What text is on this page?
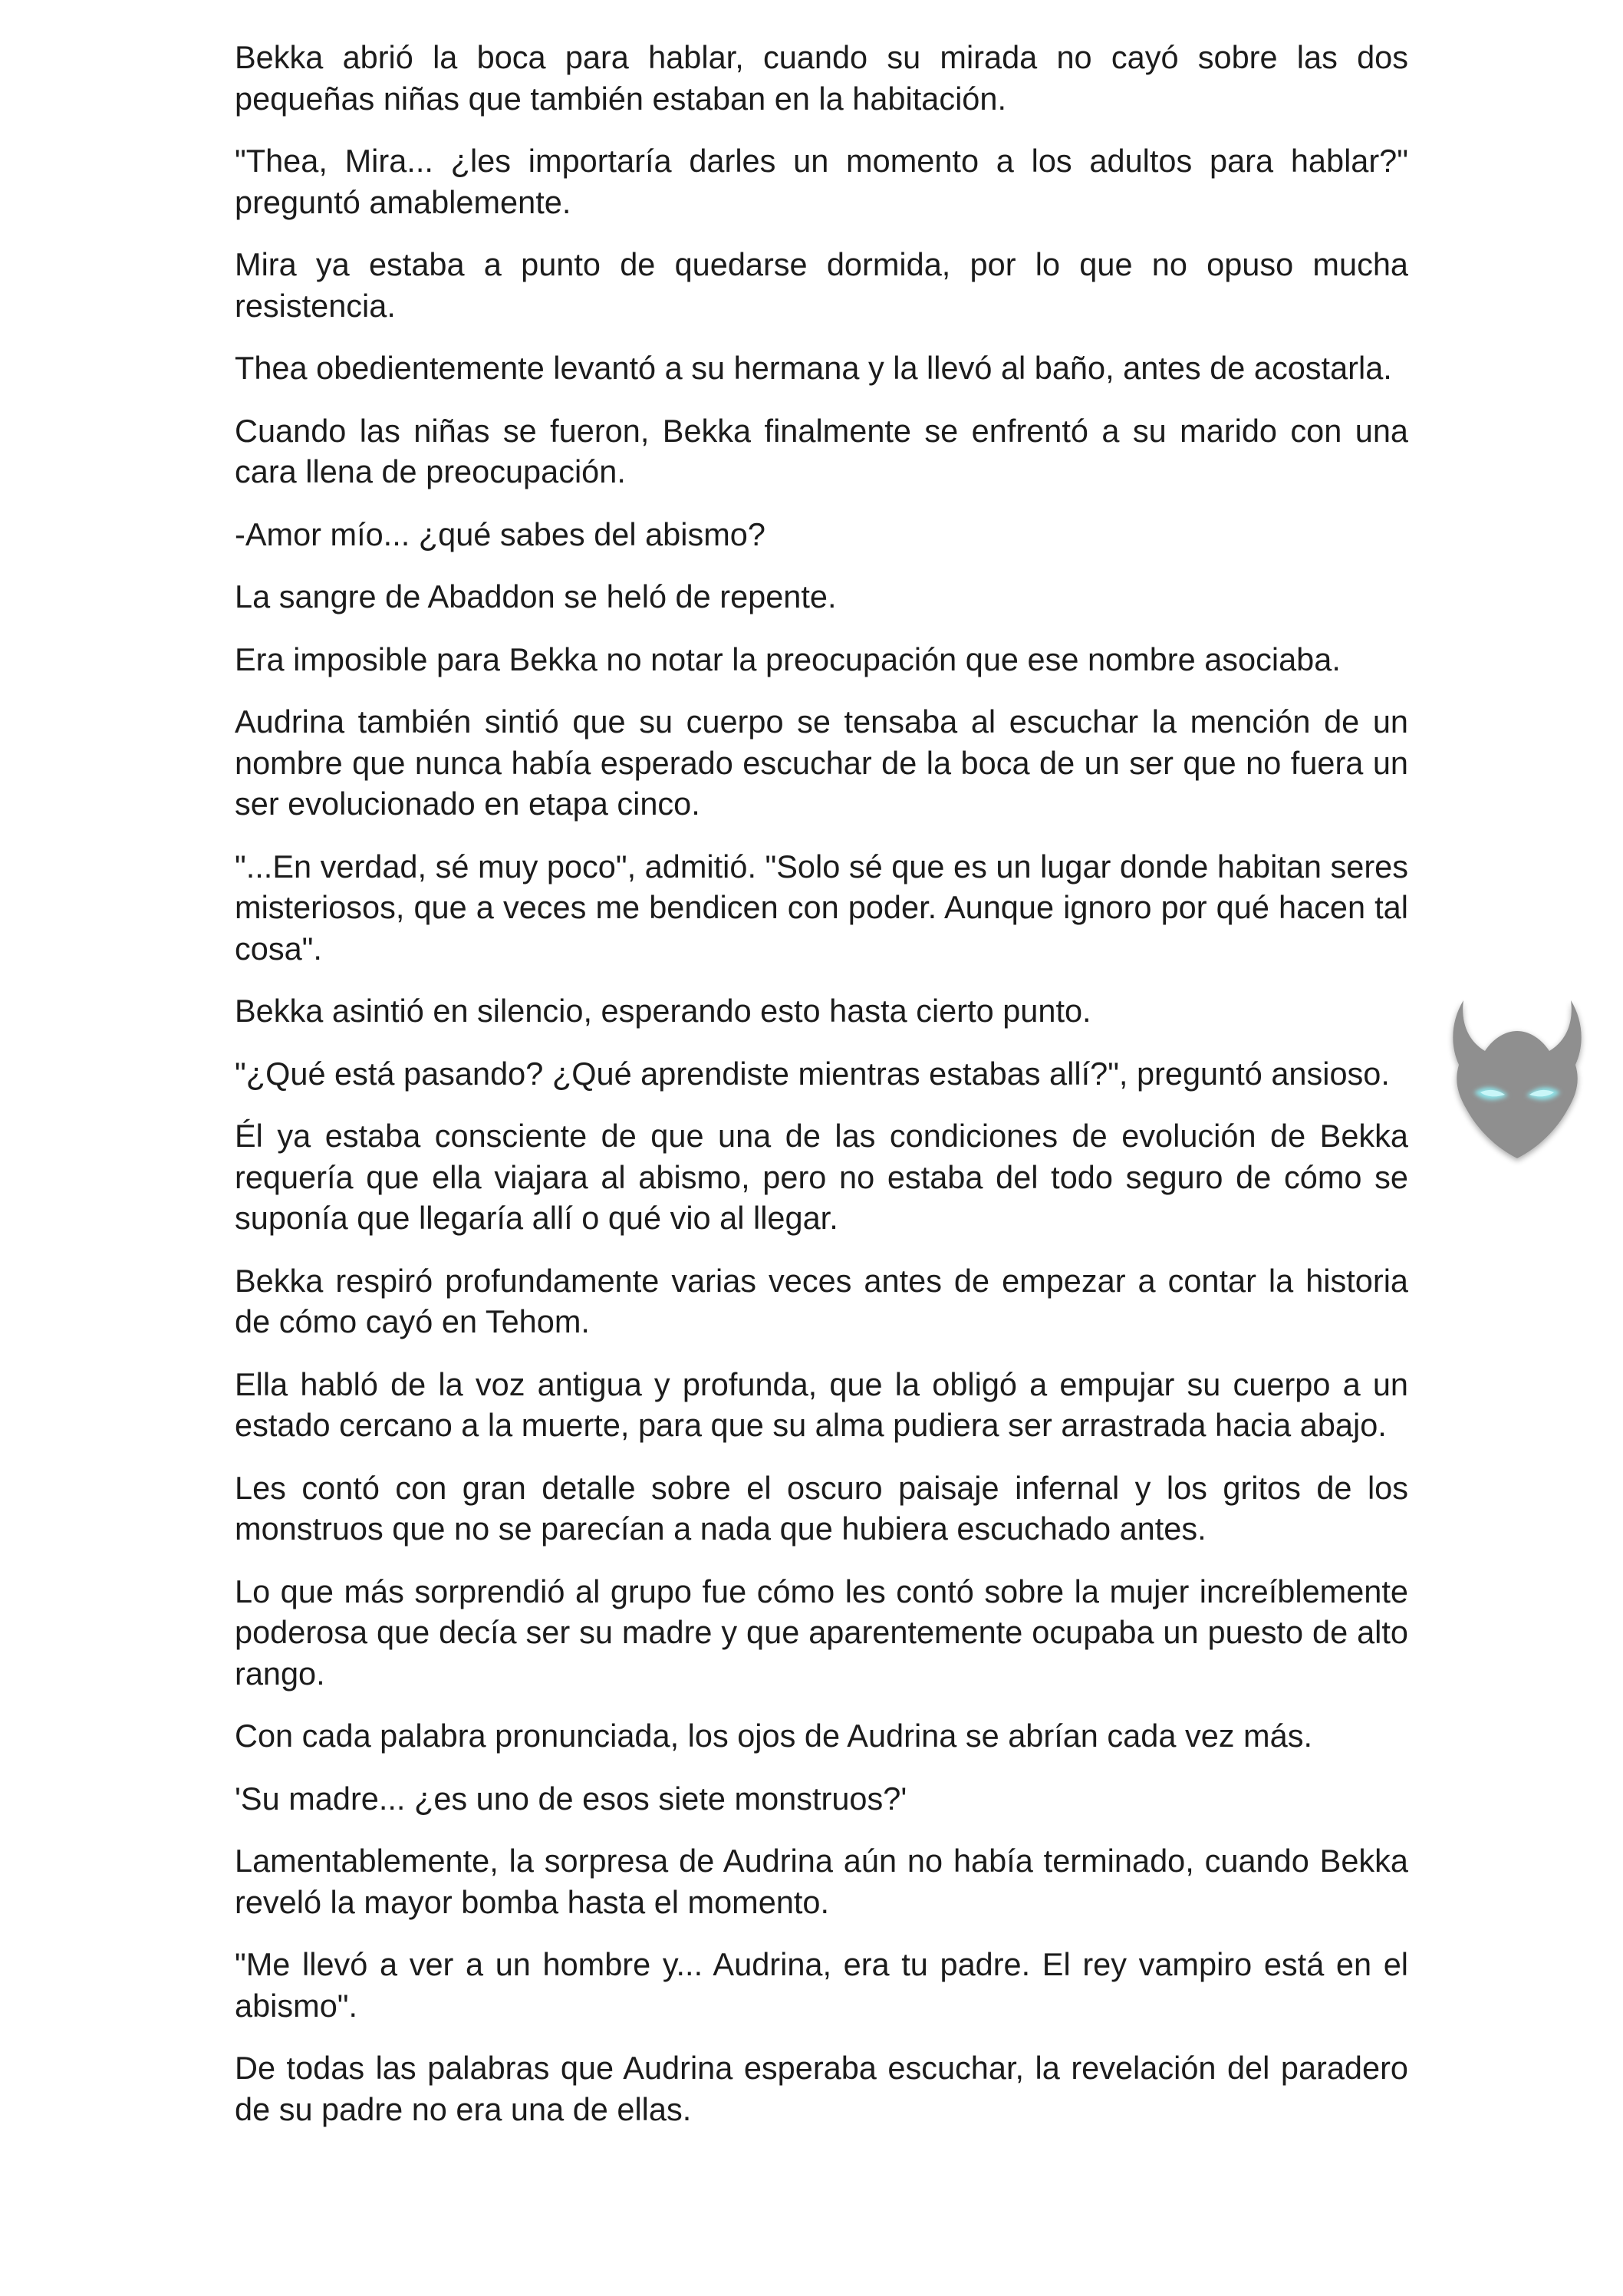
Bekka abrió la boca para hablar, cuando su mirada no cayó sobre las dos pequeñas niñas que también estaban en la habitación.

"Thea, Mira... ¿les importaría darles un momento a los adultos para hablar?" preguntó amablemente.

Mira ya estaba a punto de quedarse dormida, por lo que no opuso mucha resistencia.

Thea obedientemente levantó a su hermana y la llevó al baño, antes de acostarla.

Cuando las niñas se fueron, Bekka finalmente se enfrentó a su marido con una cara llena de preocupación.

-Amor mío... ¿qué sabes del abismo?

La sangre de Abaddon se heló de repente.

Era imposible para Bekka no notar la preocupación que ese nombre asociaba.

Audrina también sintió que su cuerpo se tensaba al escuchar la mención de un nombre que nunca había esperado escuchar de la boca de un ser que no fuera un ser evolucionado en etapa cinco.

"...En verdad, sé muy poco", admitió. "Solo sé que es un lugar donde habitan seres misteriosos, que a veces me bendicen con poder. Aunque ignoro por qué hacen tal cosa".

Bekka asintió en silencio, esperando esto hasta cierto punto.

"¿Qué está pasando? ¿Qué aprendiste mientras estabas allí?", preguntó ansioso.

Él ya estaba consciente de que una de las condiciones de evolución de Bekka requería que ella viajara al abismo, pero no estaba del todo seguro de cómo se suponía que llegaría allí o qué vio al llegar.

Bekka respiró profundamente varias veces antes de empezar a contar la historia de cómo cayó en Tehom.

Ella habló de la voz antigua y profunda, que la obligó a empujar su cuerpo a un estado cercano a la muerte, para que su alma pudiera ser arrastrada hacia abajo.

Les contó con gran detalle sobre el oscuro paisaje infernal y los gritos de los monstruos que no se parecían a nada que hubiera escuchado antes.

Lo que más sorprendió al grupo fue cómo les contó sobre la mujer increíblemente poderosa que decía ser su madre y que aparentemente ocupaba un puesto de alto rango.

Con cada palabra pronunciada, los ojos de Audrina se abrían cada vez más.

'Su madre... ¿es uno de esos siete monstruos?'

Lamentablemente, la sorpresa de Audrina aún no había terminado, cuando Bekka reveló la mayor bomba hasta el momento.

"Me llevó a ver a un hombre y... Audrina, era tu padre. El rey vampiro está en el abismo".

De todas las palabras que Audrina esperaba escuchar, la revelación del paradero de su padre no era una de ellas.
